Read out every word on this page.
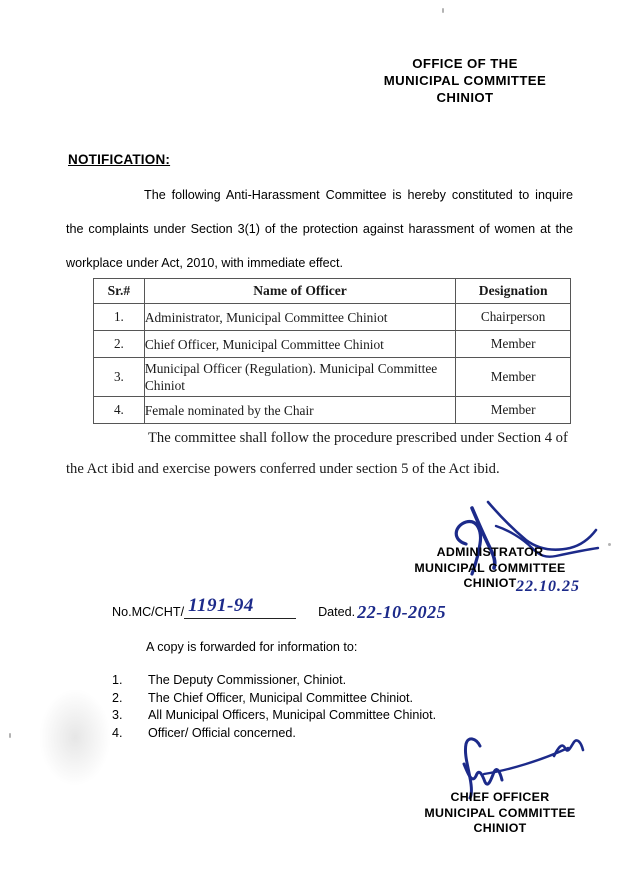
OFFICE OF THE
MUNICIPAL COMMITTEE
CHINIOT
NOTIFICATION:
The following Anti-Harassment Committee is hereby constituted to inquire the complaints under Section 3(1) of the protection against harassment of women at the workplace under Act, 2010, with immediate effect.
Sr.#	Name of Officer	Designation
1.	Administrator, Municipal Committee Chiniot	Chairperson
2.	Chief Officer, Municipal Committee Chiniot	Member
3.	Municipal Officer (Regulation). Municipal Committee Chiniot	Member
4.	Female nominated by the Chair	Member
The committee shall follow the procedure prescribed under Section 4 of the Act ibid and exercise powers conferred under section 5 of the Act ibid.
ADMINISTRATOR
MUNICIPAL COMMITTEE
CHINIOT 22.10.25
No.MC/CHT/ 1191-94	Dated. 22-10-2025
A copy is forwarded for information to:
1.	The Deputy Commissioner, Chiniot.
2.	The Chief Officer, Municipal Committee Chiniot.
3.	All Municipal Officers, Municipal Committee Chiniot.
4.	Officer/ Official concerned.
CHIEF OFFICER
MUNICIPAL COMMITTEE
CHINIOT
